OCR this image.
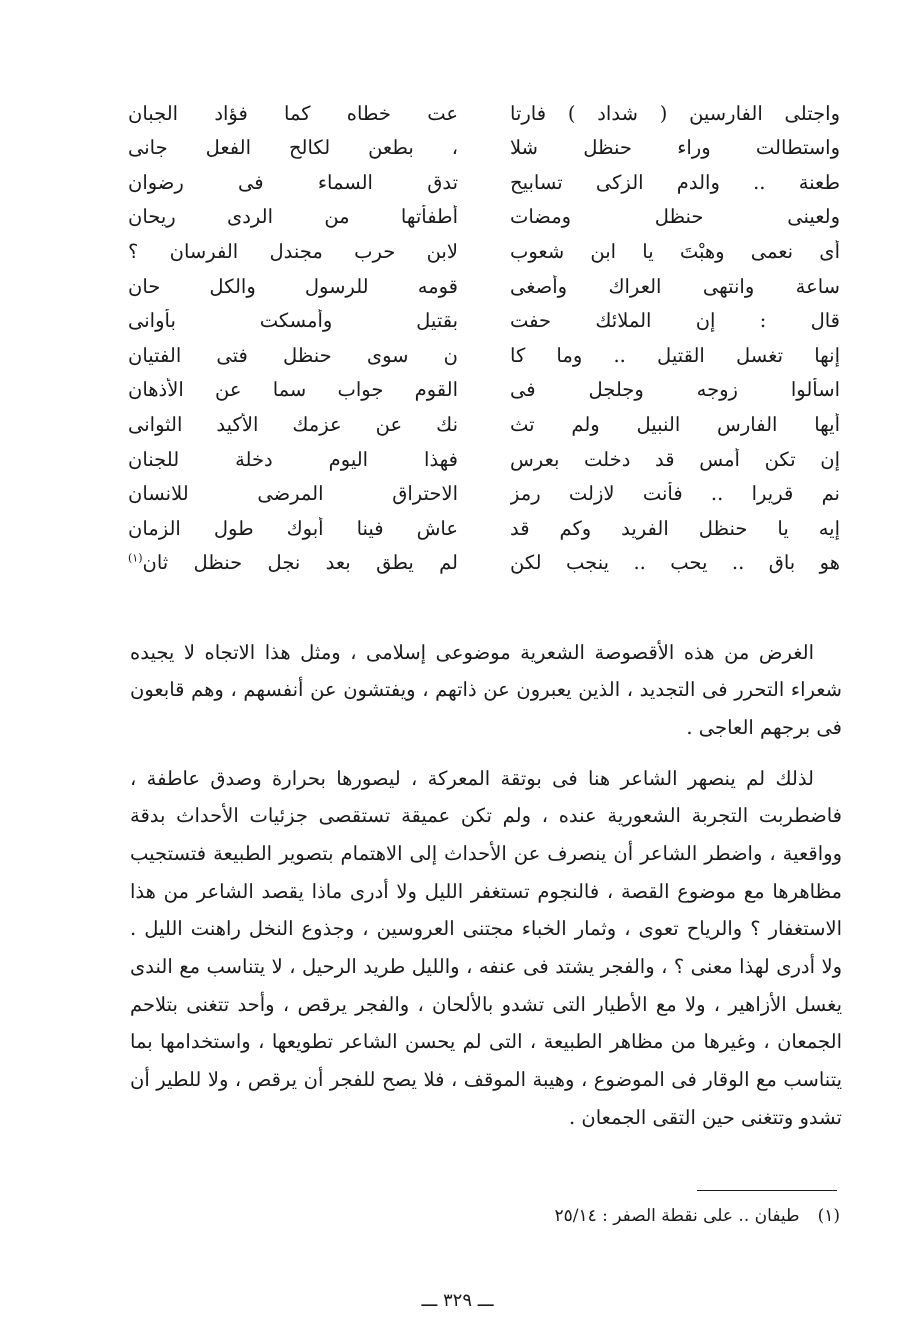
واجتلى الفارسين ( شداد ) فارتا
عت خطاه كما فؤاد الجبان
واستطالت وراء حنظل شلا
، بطعن لكالح الفعل جانى
طعنة .. والدم الزكى تسابيح
تدق السماء فى رضوان
ولعينى حنظل ومضات
أطفأتها من الردى ريحان
أى نعمى وهبْتَ يا ابن شعوب
لابن حرب مجندل الفرسان ؟
ساعة وانتهى العراك وأصغى
قومه للرسول والكل حان
قال : إن الملائك حفت
بقتيل وأمسكت بأوانى
إنها تغسل القتيل .. وما كا
ن سوى حنظل فتى الفتيان
اسألوا زوجه وجلجل فى
القوم جواب سما عن الأذهان
أيها الفارس النبيل ولم تث
نك عن عزمك الأكيد الثوانى
إن تكن أمس قد دخلت بعرس
فهذا اليوم دخلة للجنان
نم قريرا .. فأنت لازلت رمز
الاحتراق المرضى للانسان
إيه يا حنظل الفريد وكم قد
عاش فينا أبوك طول الزمان
هو باق .. يحب .. ينجب لكن
لم يطق بعد نجل حنظل ثان$^{(١)}$

الغرض من هذه الأقصوصة الشعرية موضوعى إسلامى ، ومثل هذا الاتجاه لا يجيده شعراء التحرر فى التجديد ، الذين يعبرون عن ذاتهم ، ويفتشون عن أنفسهم ، وهم قابعون فى برجهم العاجى .

لذلك لم ينصهر الشاعر هنا فى بوتقة المعركة ، ليصورها بحرارة وصدق عاطفة ، فاضطربت التجربة الشعورية عنده ، ولم تكن عميقة تستقصى جزئيات الأحداث بدقة وواقعية ، واضطر الشاعر أن ينصرف عن الأحداث إلى الاهتمام بتصوير الطبيعة فتستجيب مظاهرها مع موضوع القصة ، فالنجوم تستغفر الليل ولا أدرى ماذا يقصد الشاعر من هذا الاستغفار ؟ والرياح تعوى ، وثمار الخباء مجتنى العروسين ، وجذوع النخل راهنت الليل . ولا أدرى لهذا معنى ؟ ، والفجر يشتد فى عنفه ، والليل طريد الرحيل ، لا يتناسب مع الندى يغسل الأزاهير ، ولا مع الأطيار التى تشدو بالألحان ، والفجر يرقص ، وأحد تتغنى بتلاحم الجمعان ، وغيرها من مظاهر الطبيعة ، التى لم يحسن الشاعر تطويعها ، واستخدامها بما يتناسب مع الوقار فى الموضوع ، وهيبة الموقف ، فلا يصح للفجر أن يرقص ، ولا للطير أن تشدو وتتغنى حين التقى الجمعان .

(١)طيفان .. على نقطة الصفر : ٢٥/١٤
ـــ ٣٢٩ ـــ
